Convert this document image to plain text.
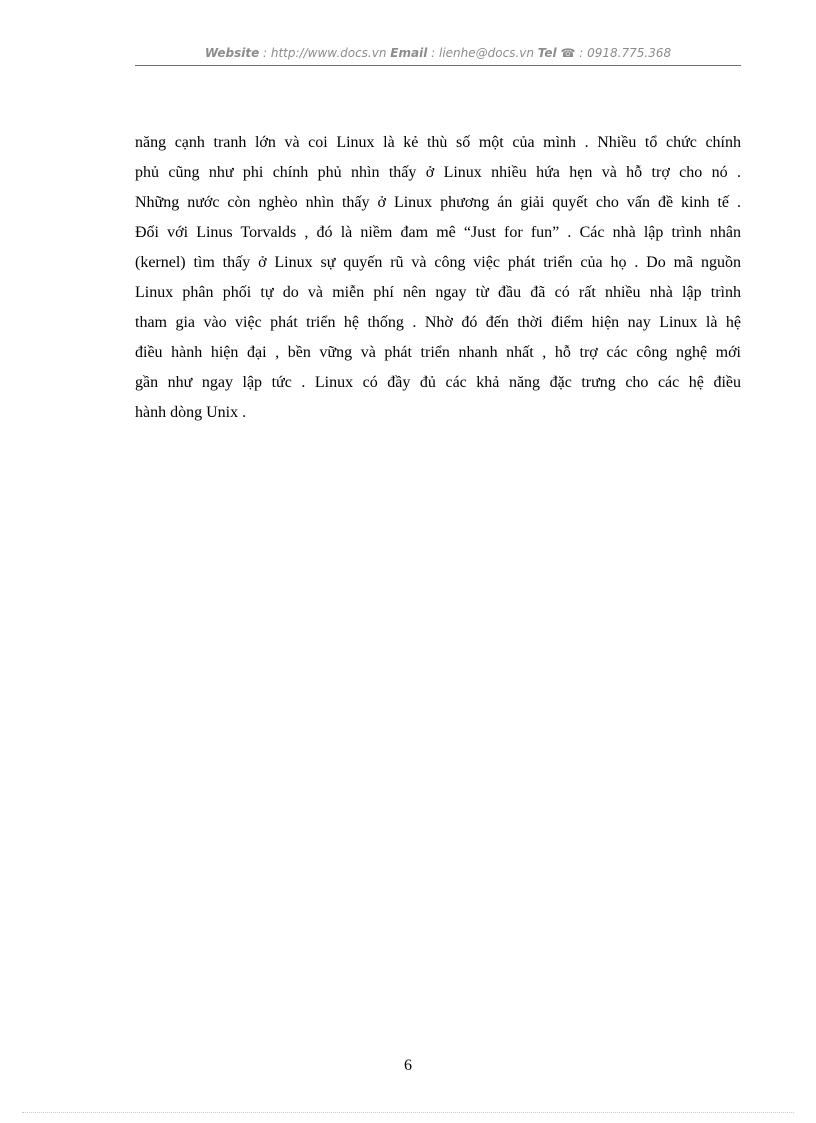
Website : http://www.docs.vn Email : lienhe@docs.vn Tel ☎ : 0918.775.368
năng cạnh tranh lớn và coi Linux là kẻ thù số một của mình . Nhiều tổ chức chính
phủ cũng như phi chính phủ nhìn thấy ở Linux nhiều hứa hẹn và hỗ trợ cho nó .
Những nước còn nghèo nhìn thấy ở Linux phương án giải quyết cho vấn đề kinh tế .
Đối với Linus Torvalds , đó là niềm đam mê “Just for fun” . Các nhà lập trình nhân
(kernel) tìm thấy ở Linux sự quyến rũ và công việc phát triển của họ . Do mã nguồn
Linux phân phối tự do và miễn phí nên ngay từ đầu đã có rất nhiều nhà lập trình
tham gia vào việc phát triển hệ thống . Nhờ đó đến thời điểm hiện nay Linux là hệ
điều hành hiện đại , bền vững và phát triển nhanh nhất , hỗ trợ các công nghệ mới
gần như ngay lập tức . Linux có đầy đủ các khả năng đặc trưng cho các hệ điều
hành dòng Unix .
6
